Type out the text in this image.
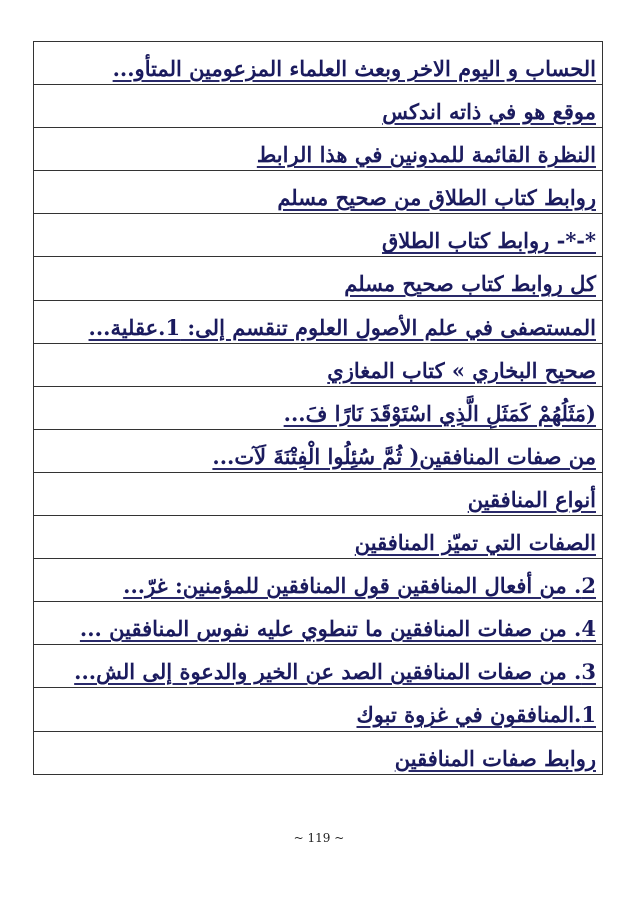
الحساب و اليوم الاخر وبعث العلماء المزعومين المتأو...
موقع هو في ذاته اندكس
النظرة القائمة للمدونين في هذا الرابط
روابط كتاب الطلاق من صحيح مسلم
*-*- روابط كتاب الطلاق
كل روابط كتاب صحيح مسلم
المستصفى في علم الأصول العلوم تنقسم إلى: 1.عقلية...
صحيح البخاري » كتاب المغازي
(مَثَلُهُمْ كَمَثَلِ الَّذِي اسْتَوْقَدَ نَارًا فَ...
من صفات المنافقين( ثُمَّ سُئِلُوا الْفِتْنَةَ لَآت...
أنواع المنافقين
الصفات التي تميّز المنافقين
2. من أفعال المنافقين قول المنافقين للمؤمنين: غرّ...
4. من صفات المنافقين ما تنطوي عليه نفوس المنافقين ...
3. من صفات المنافقين الصد عن الخير والدعوة إلى الش...
1.المنافقون في غزوة تبوك
روابط صفات المنافقين
~ 119 ~
